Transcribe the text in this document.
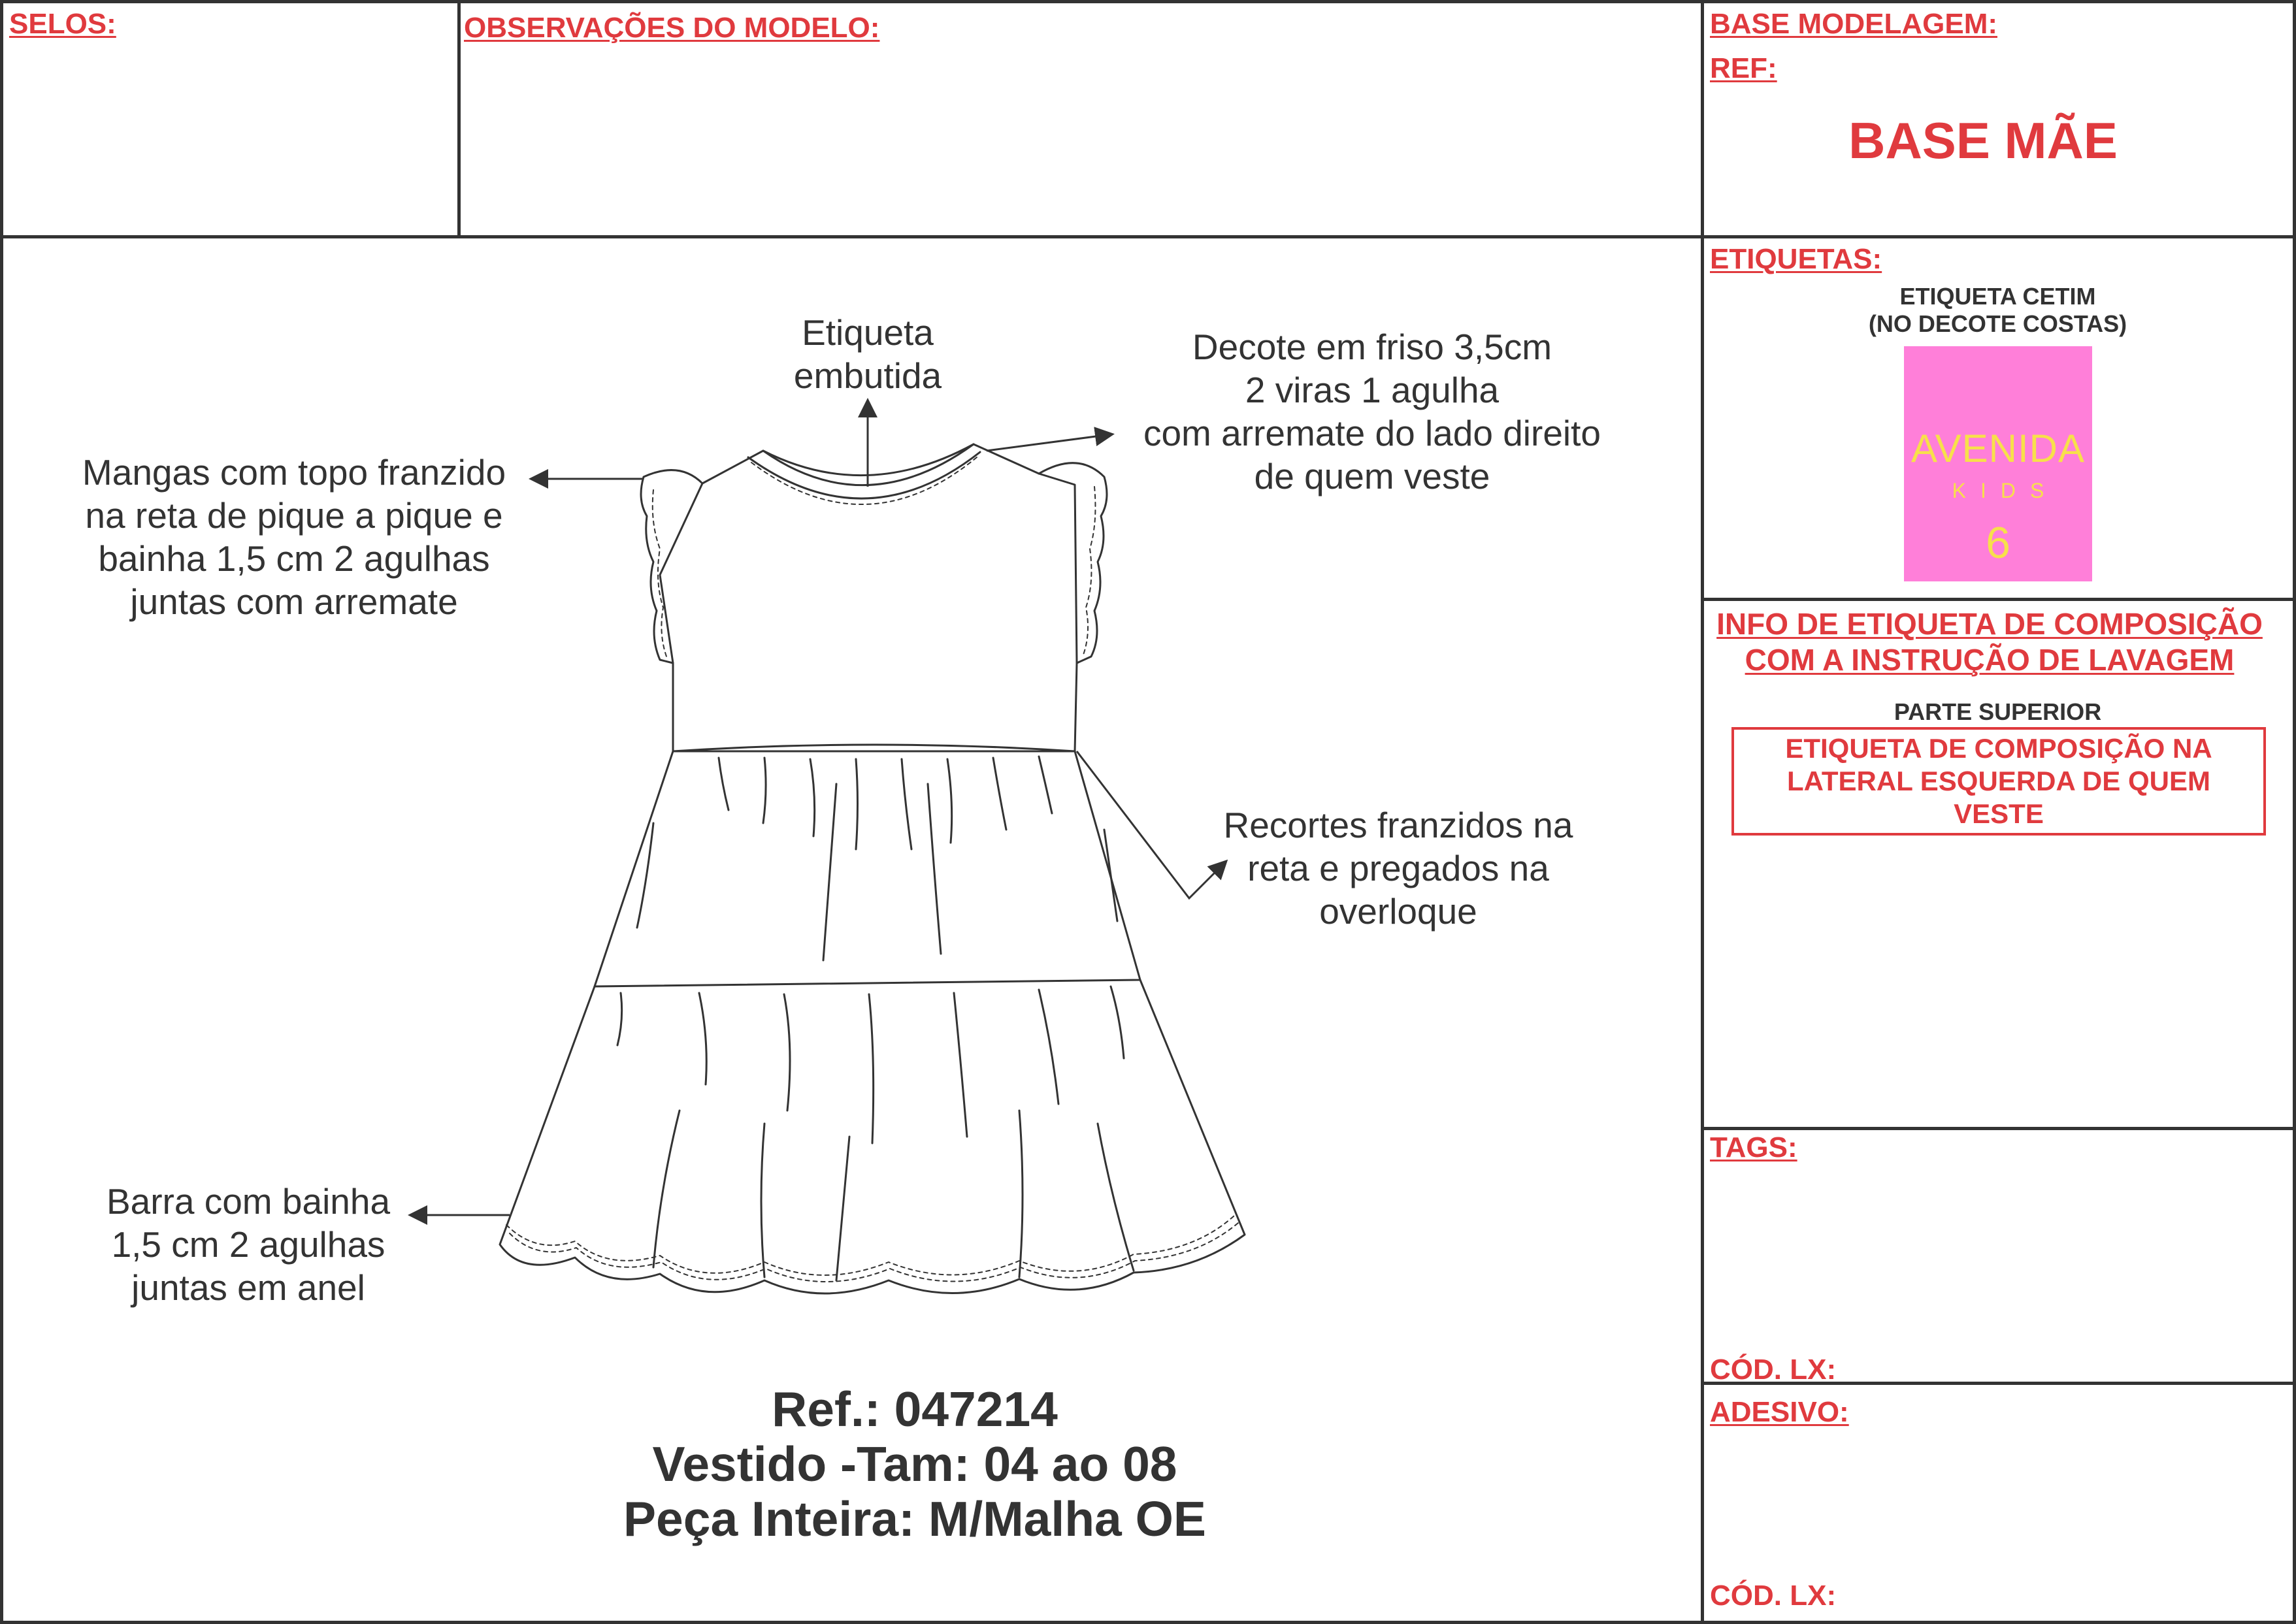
SELOS:	OBSERVAÇÕES DO MODELO:	BASE MODELAGEM:
REF:
BASE MÃE
ETIQUETAS:
ETIQUETA CETIM
(NO DECOTE COSTAS)
AVENIDA
KIDS
6
INFO DE ETIQUETA DE COMPOSIÇÃO
COM A INSTRUÇÃO DE LAVAGEM
PARTE SUPERIOR
ETIQUETA DE COMPOSIÇÃO NA
LATERAL ESQUERDA DE QUEM
VESTE
TAGS:
CÓD. LX:
ADESIVO:
CÓD. LX:
Etiqueta
embutida
Decote em friso 3,5cm
2 viras 1 agulha
com arremate do lado direito
de quem veste
Mangas com topo franzido
na reta de pique a pique e
bainha 1,5 cm 2 agulhas
juntas com arremate
Recortes franzidos na
reta e pregados na
overloque
Barra com bainha
1,5 cm 2 agulhas
juntas em anel
Ref.: 047214
Vestido -Tam: 04 ao 08
Peça Inteira: M/Malha OE
